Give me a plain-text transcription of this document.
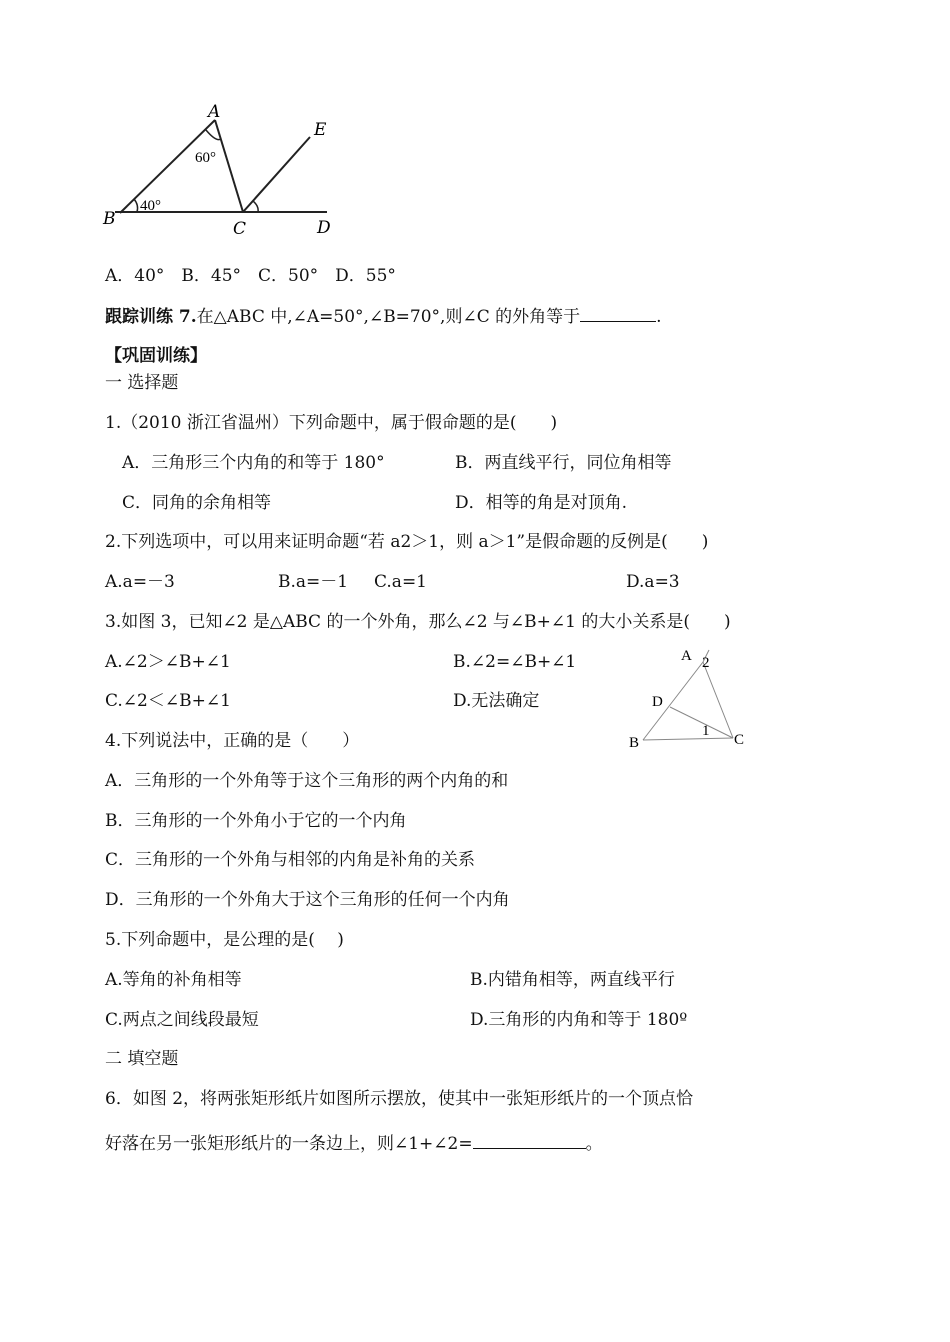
A
B	C	D
E
60°
40°
A．40°　B．45°　C．50°　D．55°
跟踪训练 7.在△ABC 中,∠A=50°,∠B=70°,则∠C 的外角等于	.
【巩固训练】
一 选择题
1.（2010 浙江省温州）下列命题中，属于假命题的是(　　)
A．三角形三个内角的和等于 180°	B．两直线平行，同位角相等
C．同角的余角相等	D．相等的角是对顶角.
2.下列选项中，可以用来证明命题“若 a2＞1，则 a＞1”是假命题的反例是(　　)
A.a=－3	B.a=－1 C.a=1	D.a=3
3.如图 3，已知∠2 是△ABC 的一个外角，那么∠2 与∠B+∠1 的大小关系是(　　)
A.∠2＞∠B+∠1	B.∠2=∠B+∠1
C.∠2＜∠B+∠1	D.无法确定
A 2
D
1
B	C
4.下列说法中，正确的是（　　）
A．三角形的一个外角等于这个三角形的两个内角的和
B．三角形的一个外角小于它的一个内角
C．三角形的一个外角与相邻的内角是补角的关系
D．三角形的一个外角大于这个三角形的任何一个内角
5.下列命题中，是公理的是(　 )
A.等角的补角相等	B.内错角相等，两直线平行
C.两点之间线段最短	D.三角形的内角和等于 180º
二 填空题
6．如图 2，将两张矩形纸片如图所示摆放，使其中一张矩形纸片的一个顶点恰
好落在另一张矩形纸片的一条边上，则∠1+∠2=	。
